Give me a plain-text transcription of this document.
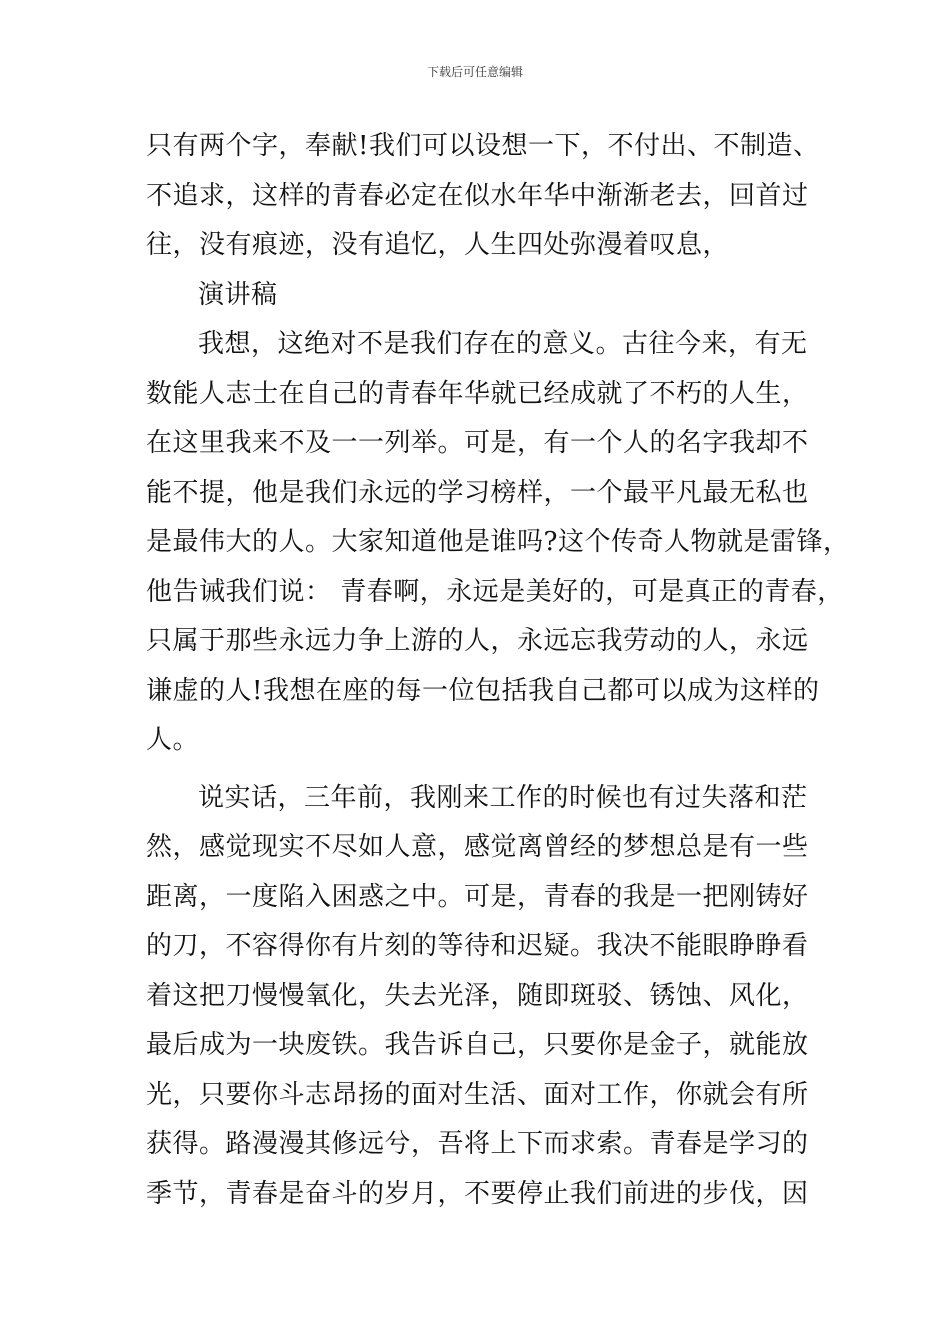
下载后可任意编辑
只有两个字，奉献!我们可以设想一下，不付出、不制造、
不追求，这样的青春必定在似水年华中渐渐老去，回首过
往，没有痕迹，没有追忆，人生四处弥漫着叹息，
演讲稿
我想，这绝对不是我们存在的意义。古往今来，有无
数能人志士在自己的青春年华就已经成就了不朽的人生，
在这里我来不及一一列举。可是，有一个人的名字我却不
能不提，他是我们永远的学习榜样，一个最平凡最无私也
是最伟大的人。大家知道他是谁吗?这个传奇人物就是雷锋，
他告诫我们说： 青春啊，永远是美好的，可是真正的青春，
只属于那些永远力争上游的人，永远忘我劳动的人，永远
谦虚的人!我想在座的每一位包括我自己都可以成为这样的
人。
说实话，三年前，我刚来工作的时候也有过失落和茫
然，感觉现实不尽如人意，感觉离曾经的梦想总是有一些
距离，一度陷入困惑之中。可是，青春的我是一把刚铸好
的刀，不容得你有片刻的等待和迟疑。我决不能眼睁睁看
着这把刀慢慢氧化，失去光泽，随即斑驳、锈蚀、风化，
最后成为一块废铁。我告诉自己，只要你是金子，就能放
光，只要你斗志昂扬的面对生活、面对工作，你就会有所
获得。路漫漫其修远兮，吾将上下而求索。青春是学习的
季节，青春是奋斗的岁月，不要停止我们前进的步伐，因
